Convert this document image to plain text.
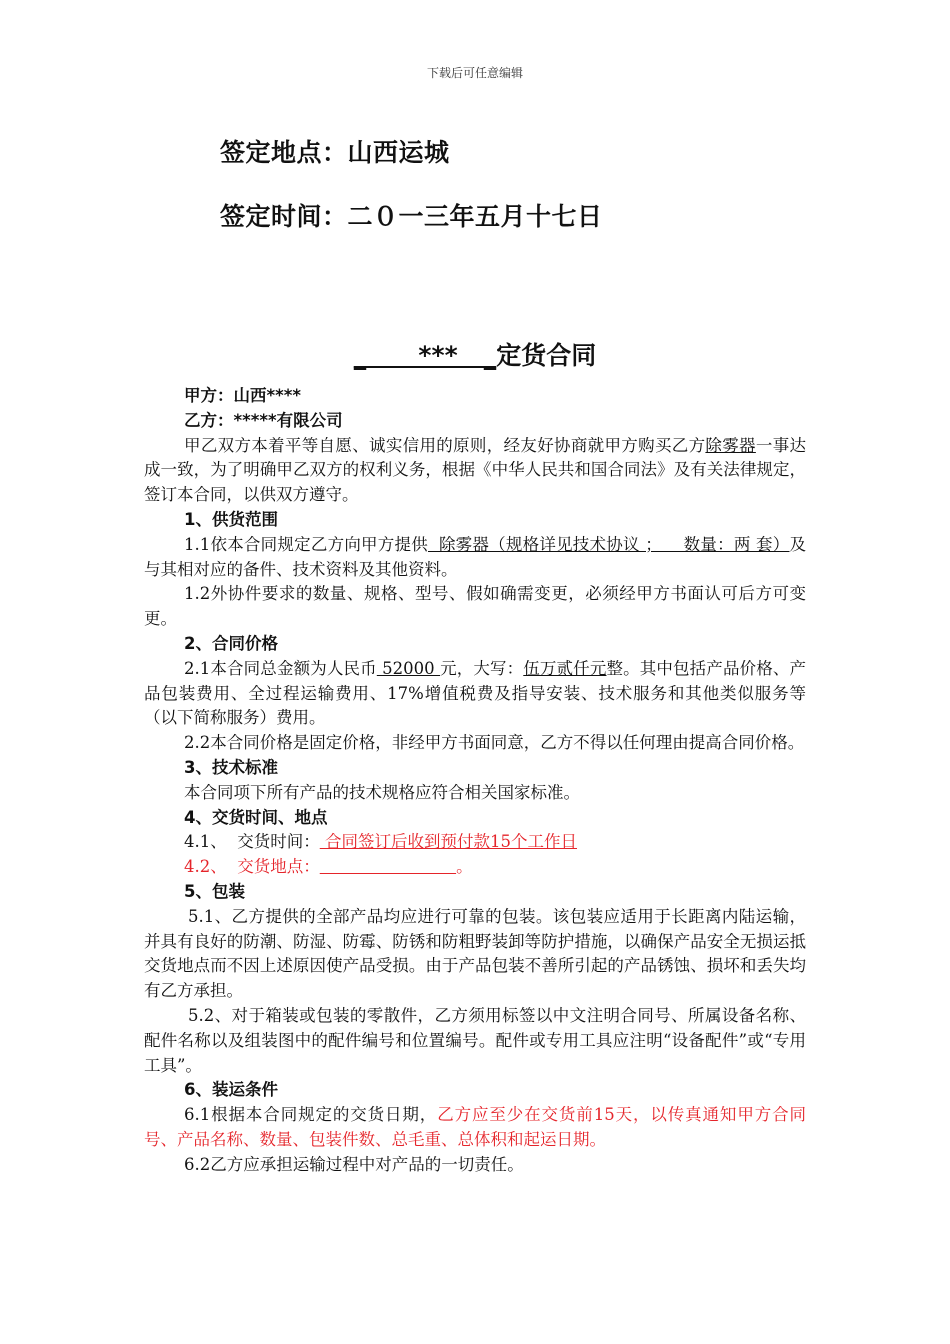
下载后可任意编辑
签定地点：山西运城
签定时间：二０一三年五月十七日
_      ***   _定货合同

甲方：山西****

乙方：*****有限公司

甲乙双方本着平等自愿、诚实信用的原则，经友好协商就甲方购买乙方除雾器一事达成一致，为了明确甲乙双方的权利义务，根据《中华人民共和国合同法》及有关法律规定，签订本合同，以供双方遵守。

1、供货范围

1.1依本合同规定乙方向甲方提供  除雾器（规格详见技术协议 ；    数量：两 套）及与其相对应的备件、技术资料及其他资料。

1.2外协件要求的数量、规格、型号、假如确需变更，必须经甲方书面认可后方可变更。

2、合同价格

2.1本合同总金额为人民币 52000 元，大写：伍万贰仟元整。其中包括产品价格、产品包装费用、全过程运输费用、17%增值税费及指导安装、技术服务和其他类似服务等（以下简称服务）费用。

2.2本合同价格是固定价格，非经甲方书面同意，乙方不得以任何理由提高合同价格。

3、技术标准

本合同项下所有产品的技术规格应符合相关国家标准。

4、交货时间、地点

4.1、  交货时间： 合同签订后收到预付款15个工作日

4.2、  交货地点：	。

5、包装

5.1、乙方提供的全部产品均应进行可靠的包装。该包装应适用于长距离内陆运输，并具有良好的防潮、防湿、防霉、防锈和防粗野装卸等防护措施，以确保产品安全无损运抵交货地点而不因上述原因使产品受损。由于产品包装不善所引起的产品锈蚀、损坏和丢失均有乙方承担。

5.2、对于箱装或包装的零散件，乙方须用标签以中文注明合同号、所属设备名称、配件名称以及组装图中的配件编号和位置编号。配件或专用工具应注明“设备配件”或“专用工具”。

6、装运条件

6.1根据本合同规定的交货日期，乙方应至少在交货前15天，以传真通知甲方合同号、产品名称、数量、包装件数、总毛重、总体积和起运日期。

6.2乙方应承担运输过程中对产品的一切责任。
